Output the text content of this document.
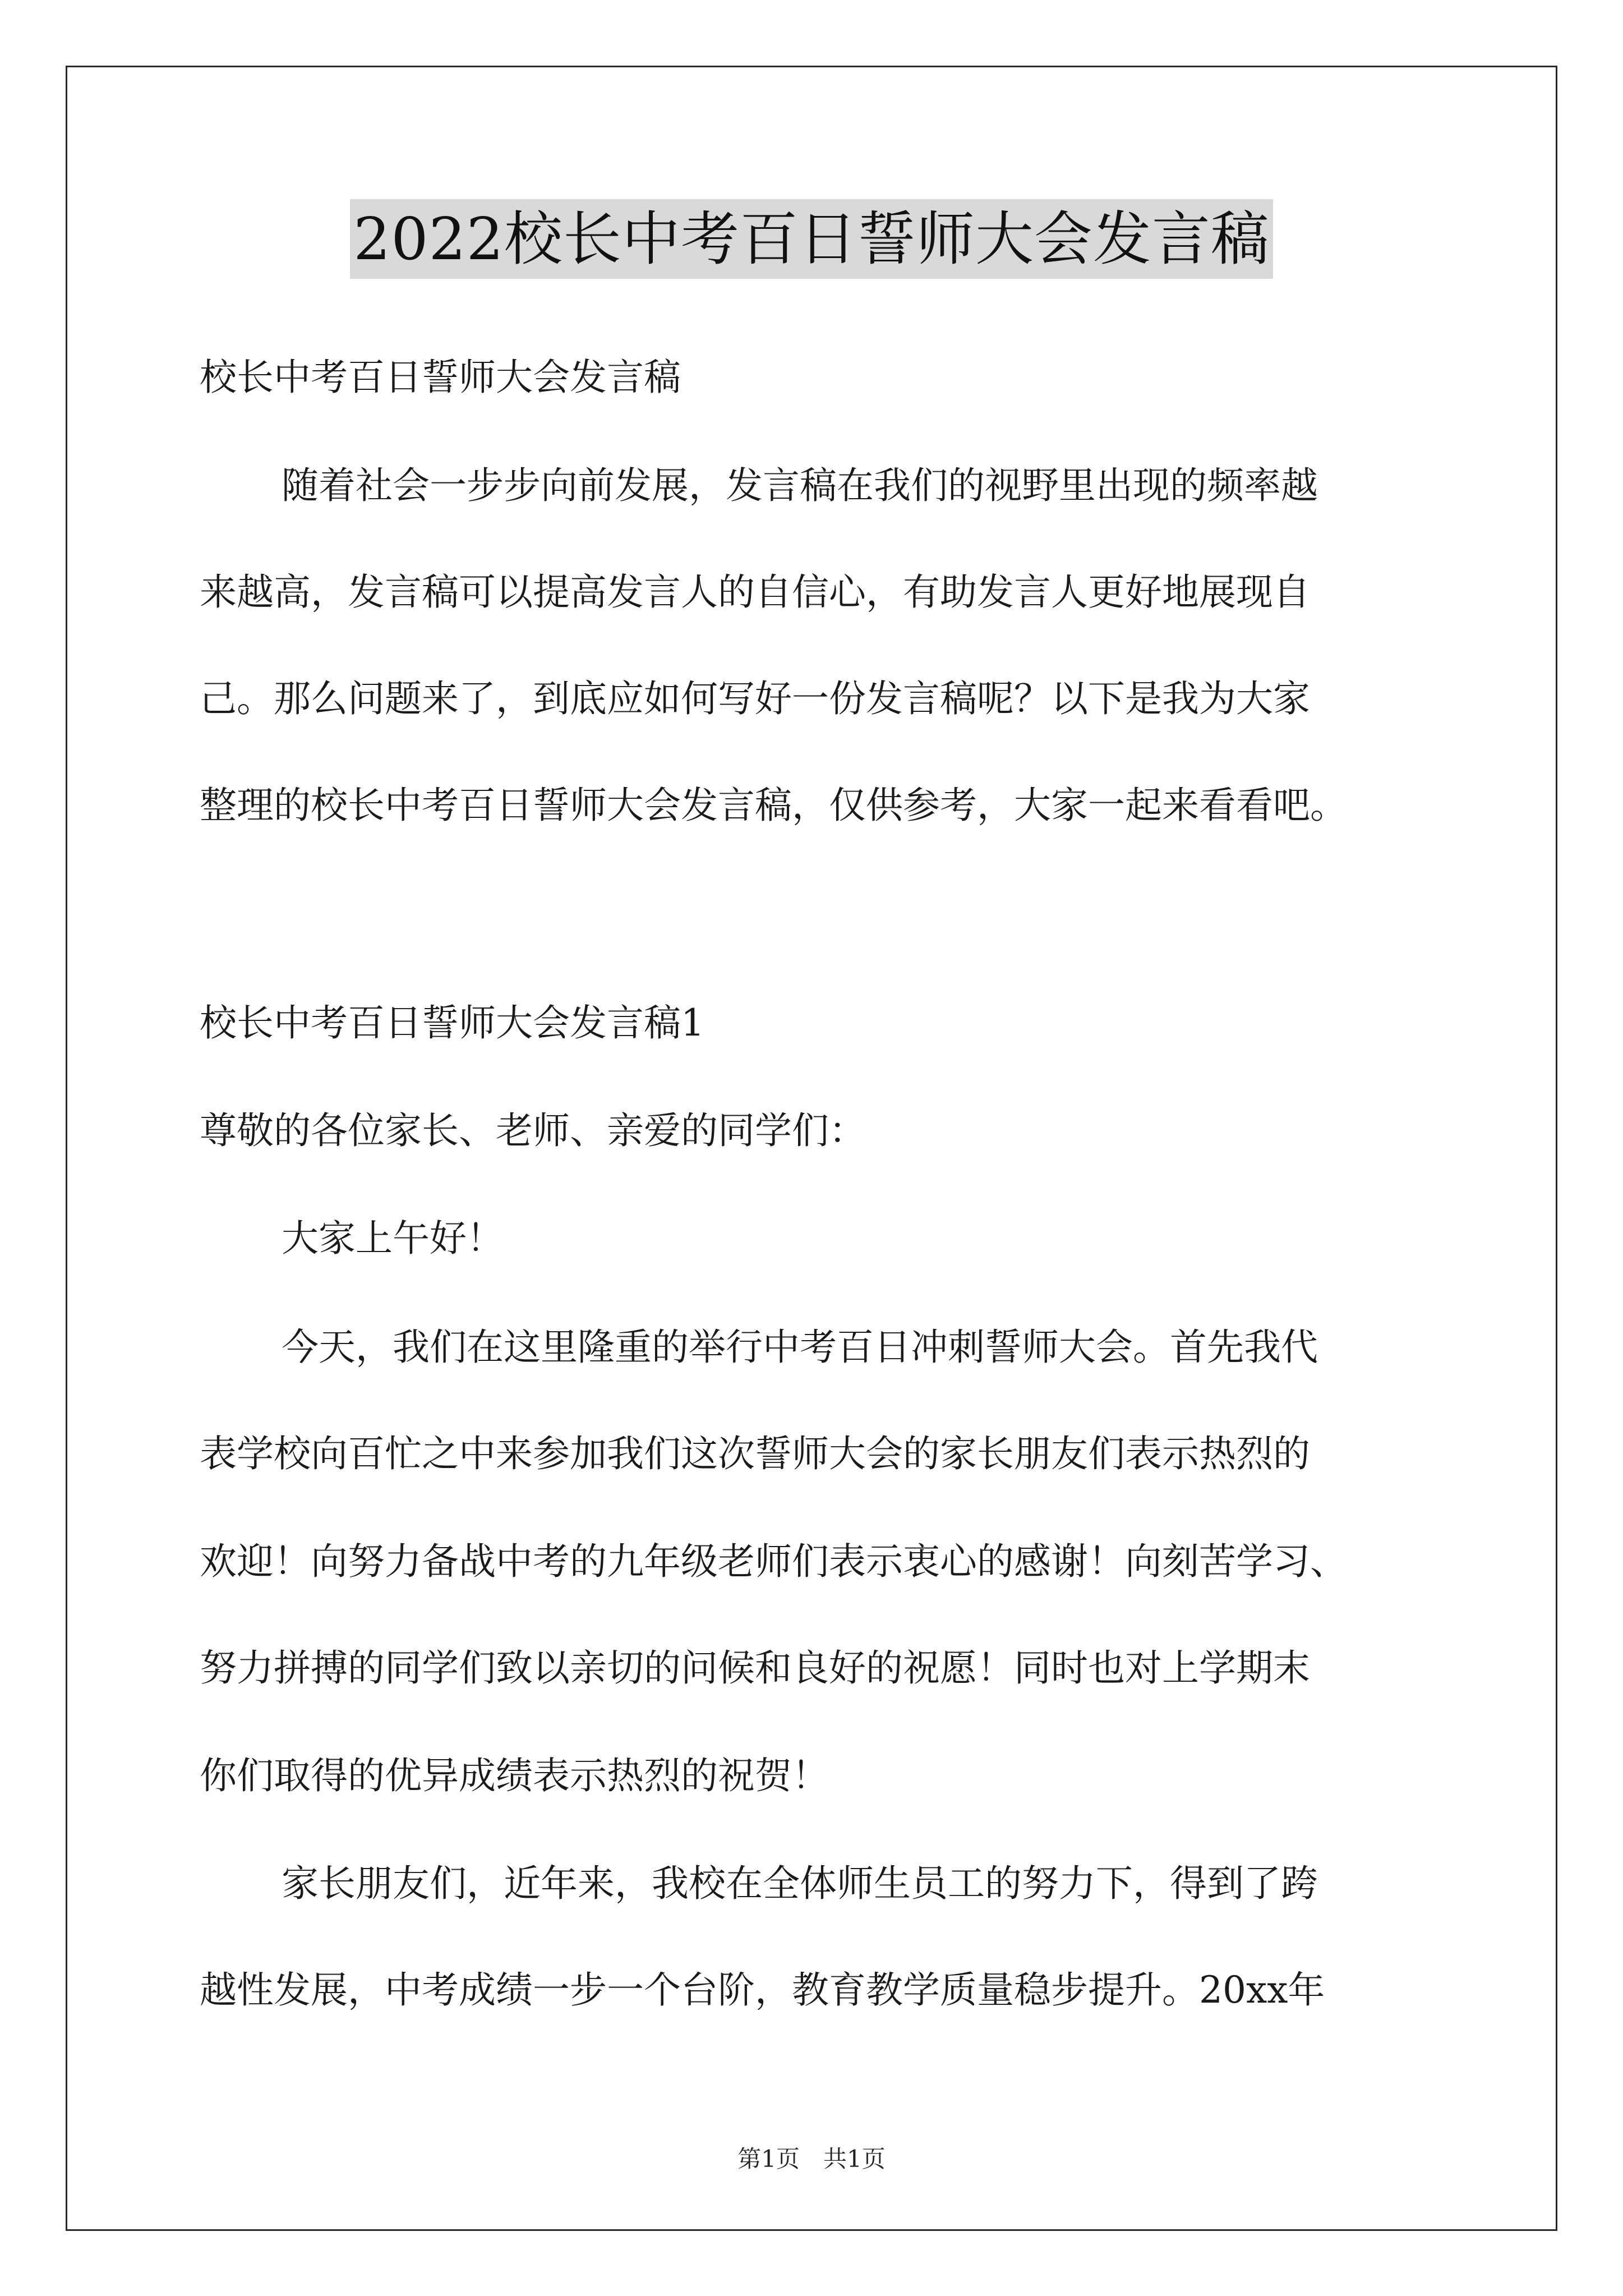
2022校长中考百日誓师大会发言稿
校长中考百日誓师大会发言稿
随着社会一步步向前发展，发言稿在我们的视野里出现的频率越
来越高，发言稿可以提高发言人的自信心，有助发言人更好地展现自
己。那么问题来了，到底应如何写好一份发言稿呢？以下是我为大家
整理的校长中考百日誓师大会发言稿，仅供参考，大家一起来看看吧。
校长中考百日誓师大会发言稿1
尊敬的各位家长、老师、亲爱的同学们：
大家上午好！
今天，我们在这里隆重的举行中考百日冲刺誓师大会。首先我代
表学校向百忙之中来参加我们这次誓师大会的家长朋友们表示热烈的
欢迎！向努力备战中考的九年级老师们表示衷心的感谢！向刻苦学习、
努力拼搏的同学们致以亲切的问候和良好的祝愿！同时也对上学期末
你们取得的优异成绩表示热烈的祝贺！
家长朋友们，近年来，我校在全体师生员工的努力下，得到了跨
越性发展，中考成绩一步一个台阶，教育教学质量稳步提升。20xx年
第1页　共1页
